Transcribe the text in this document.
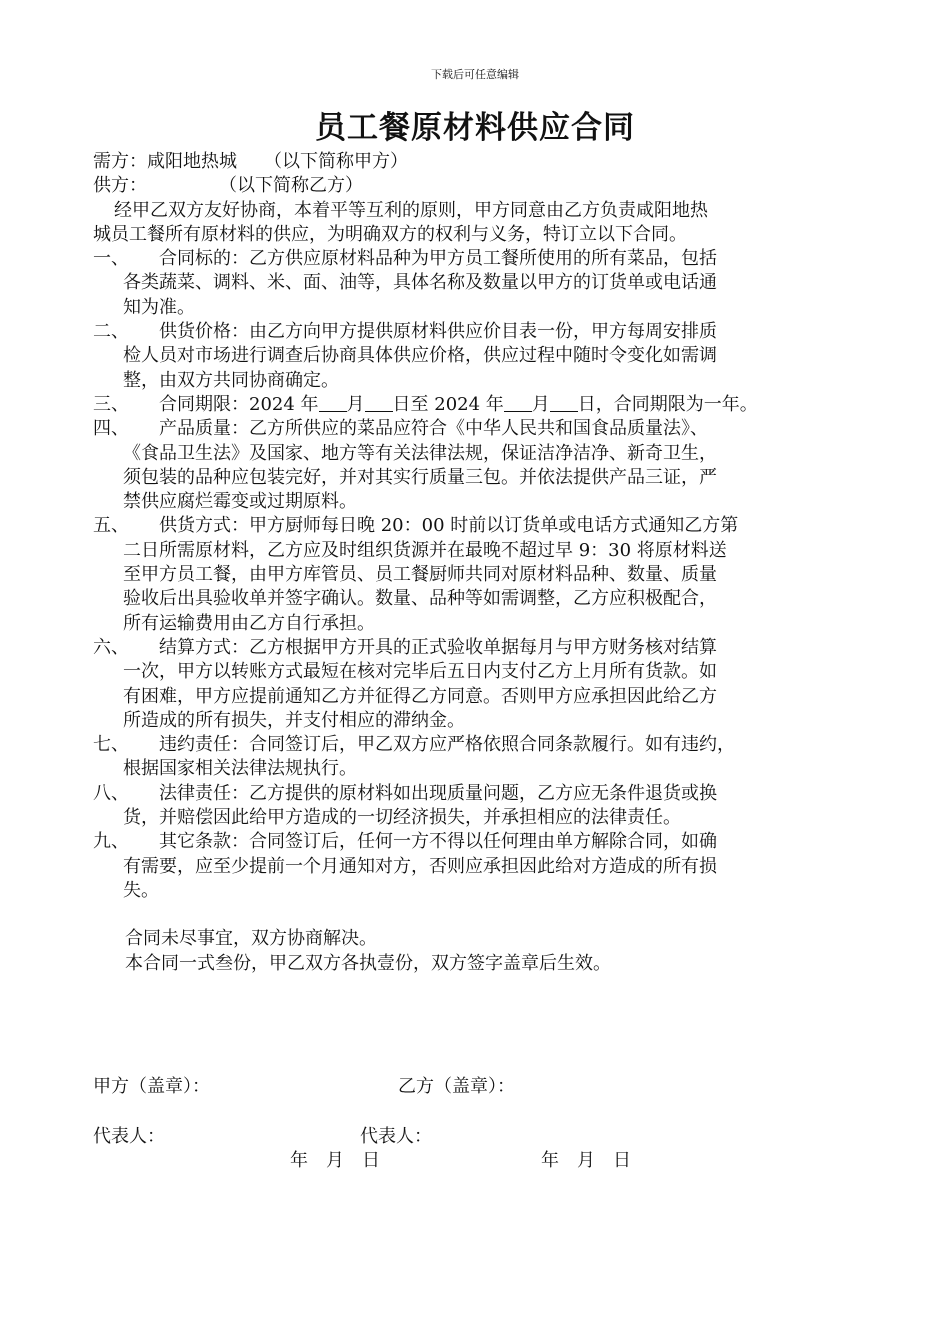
下载后可任意编辑
员工餐原材料供应合同
需方：咸阳地热城　　（以下简称甲方）
供方：　　　　　（以下简称乙方）
经甲乙双方友好协商，本着平等互利的原则，甲方同意由乙方负责咸阳地热
城员工餐所有原材料的供应，为明确双方的权利与义务，特订立以下合同。
一、	合同标的：乙方供应原材料品种为甲方员工餐所使用的所有菜品，包括
各类蔬菜、调料、米、面、油等，具体名称及数量以甲方的订货单或电话通
知为准。
二、	供货价格：由乙方向甲方提供原材料供应价目表一份，甲方每周安排质
检人员对市场进行调查后协商具体供应价格，供应过程中随时令变化如需调
整，由双方共同协商确定。
三、	合同期限：2024 年 月 日至 2024 年 月 日，合同期限为一年。
四、	产品质量：乙方所供应的菜品应符合《中华人民共和国食品质量法》、
《食品卫生法》及国家、地方等有关法律法规，保证洁净洁净、新奇卫生，
须包装的品种应包装完好，并对其实行质量三包。并依法提供产品三证，严
禁供应腐烂霉变或过期原料。
五、	供货方式：甲方厨师每日晚 20：00 时前以订货单或电话方式通知乙方第
二日所需原材料，乙方应及时组织货源并在最晚不超过早 9：30 将原材料送
至甲方员工餐，由甲方库管员、员工餐厨师共同对原材料品种、数量、质量
验收后出具验收单并签字确认。数量、品种等如需调整，乙方应积极配合，
所有运输费用由乙方自行承担。
六、	结算方式：乙方根据甲方开具的正式验收单据每月与甲方财务核对结算
一次，甲方以转账方式最短在核对完毕后五日内支付乙方上月所有货款。如
有困难，甲方应提前通知乙方并征得乙方同意。否则甲方应承担因此给乙方
所造成的所有损失，并支付相应的滞纳金。
七、	违约责任：合同签订后，甲乙双方应严格依照合同条款履行。如有违约，
根据国家相关法律法规执行。
八、	法律责任：乙方提供的原材料如出现质量问题，乙方应无条件退货或换
货，并赔偿因此给甲方造成的一切经济损失，并承担相应的法律责任。
九、	其它条款：合同签订后，任何一方不得以任何理由单方解除合同，如确
有需要，应至少提前一个月通知对方，否则应承担因此给对方造成的所有损
失。
合同未尽事宜，双方协商解决。
本合同一式叁份，甲乙双方各执壹份，双方签字盖章后生效。
甲方（盖章）：	乙方（盖章）：
代表人：	代表人：
年　月　日	年　月　日
